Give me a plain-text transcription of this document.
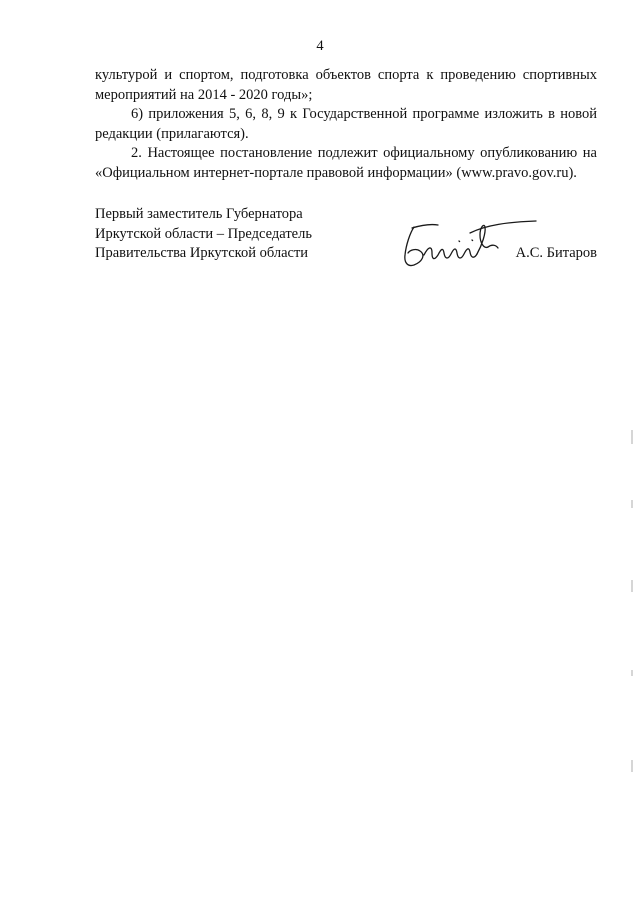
4

культурой и спортом, подготовка объектов спорта к проведению спортивных
мероприятий на 2014 - 2020 годы»;

6) приложения 5, 6, 8, 9 к Государственной программе изложить в новой
редакции (прилагаются).

2. Настоящее постановление подлежит официальному опубликованию на
«Официальном интернет-портале правовой информации» (www.pravo.gov.ru).

Первый заместитель Губернатора
Иркутской области – Председатель
Правительства Иркутской области	А.С. Битаров
